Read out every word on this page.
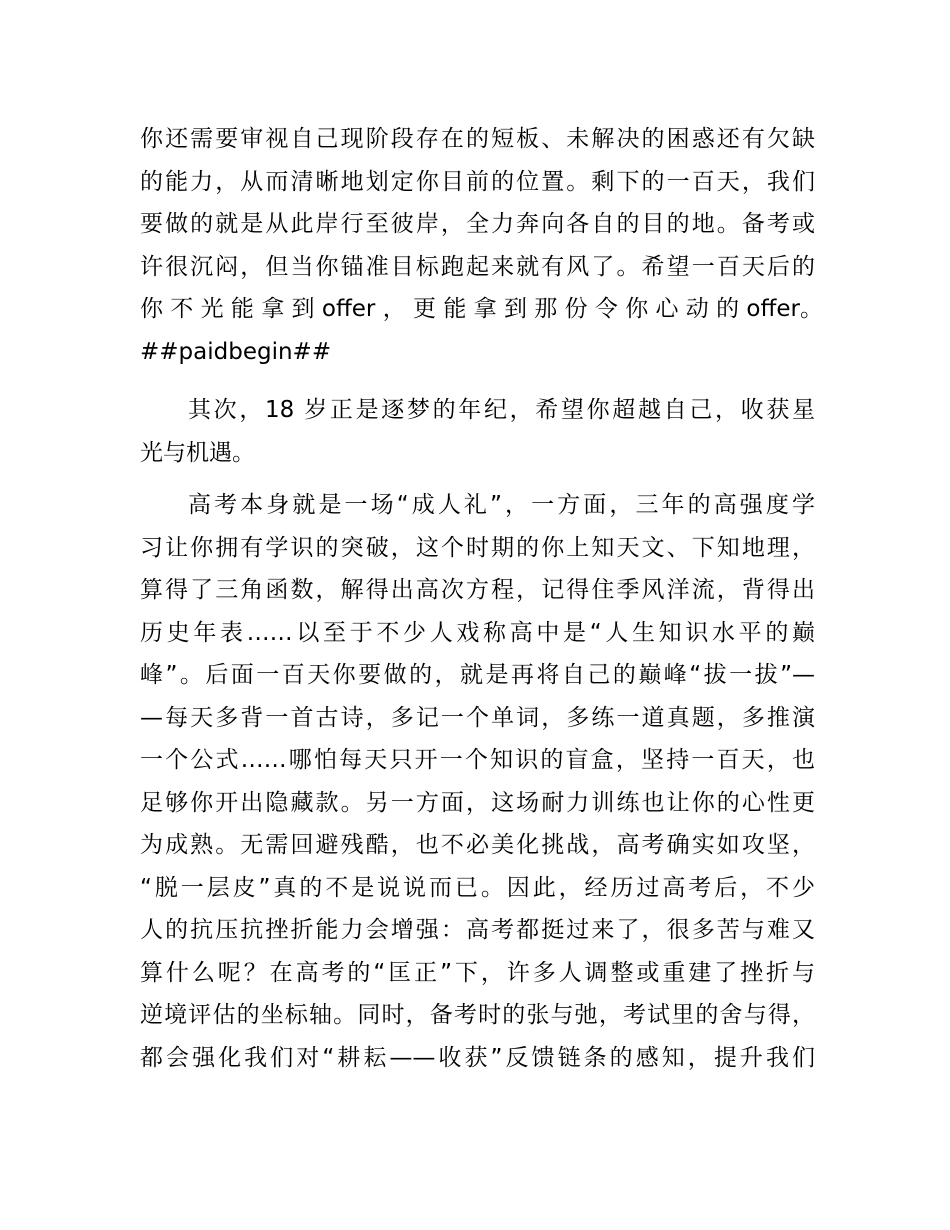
你还需要审视自己现阶段存在的短板、未解决的困惑还有欠缺
的能力，从而清晰地划定你目前的位置。剩下的一百天，我们
要做的就是从此岸行至彼岸，全力奔向各自的目的地。备考或
许很沉闷，但当你锚准目标跑起来就有风了。希望一百天后的
你 不 光 能 拿 到 offer ， 更 能 拿 到 那 份 令 你 心 动 的 offer。
##paidbegin##
其次，18 岁正是逐梦的年纪，希望你超越自己，收获星
光与机遇。
高考本身就是一场“成人礼”，一方面，三年的高强度学
习让你拥有学识的突破，这个时期的你上知天文、下知地理，
算得了三角函数，解得出高次方程，记得住季风洋流，背得出
历史年表……以至于不少人戏称高中是“人生知识水平的巅
峰”。后面一百天你要做的，就是再将自己的巅峰“拔一拔”—
—每天多背一首古诗，多记一个单词，多练一道真题，多推演
一个公式……哪怕每天只开一个知识的盲盒，坚持一百天，也
足够你开出隐藏款。另一方面，这场耐力训练也让你的心性更
为成熟。无需回避残酷，也不必美化挑战，高考确实如攻坚，
“脱一层皮”真的不是说说而已。因此，经历过高考后，不少
人的抗压抗挫折能力会增强：高考都挺过来了，很多苦与难又
算什么呢？在高考的“匡正”下，许多人调整或重建了挫折与
逆境评估的坐标轴。同时，备考时的张与弛，考试里的舍与得，
都会强化我们对“耕耘——收获”反馈链条的感知，提升我们
